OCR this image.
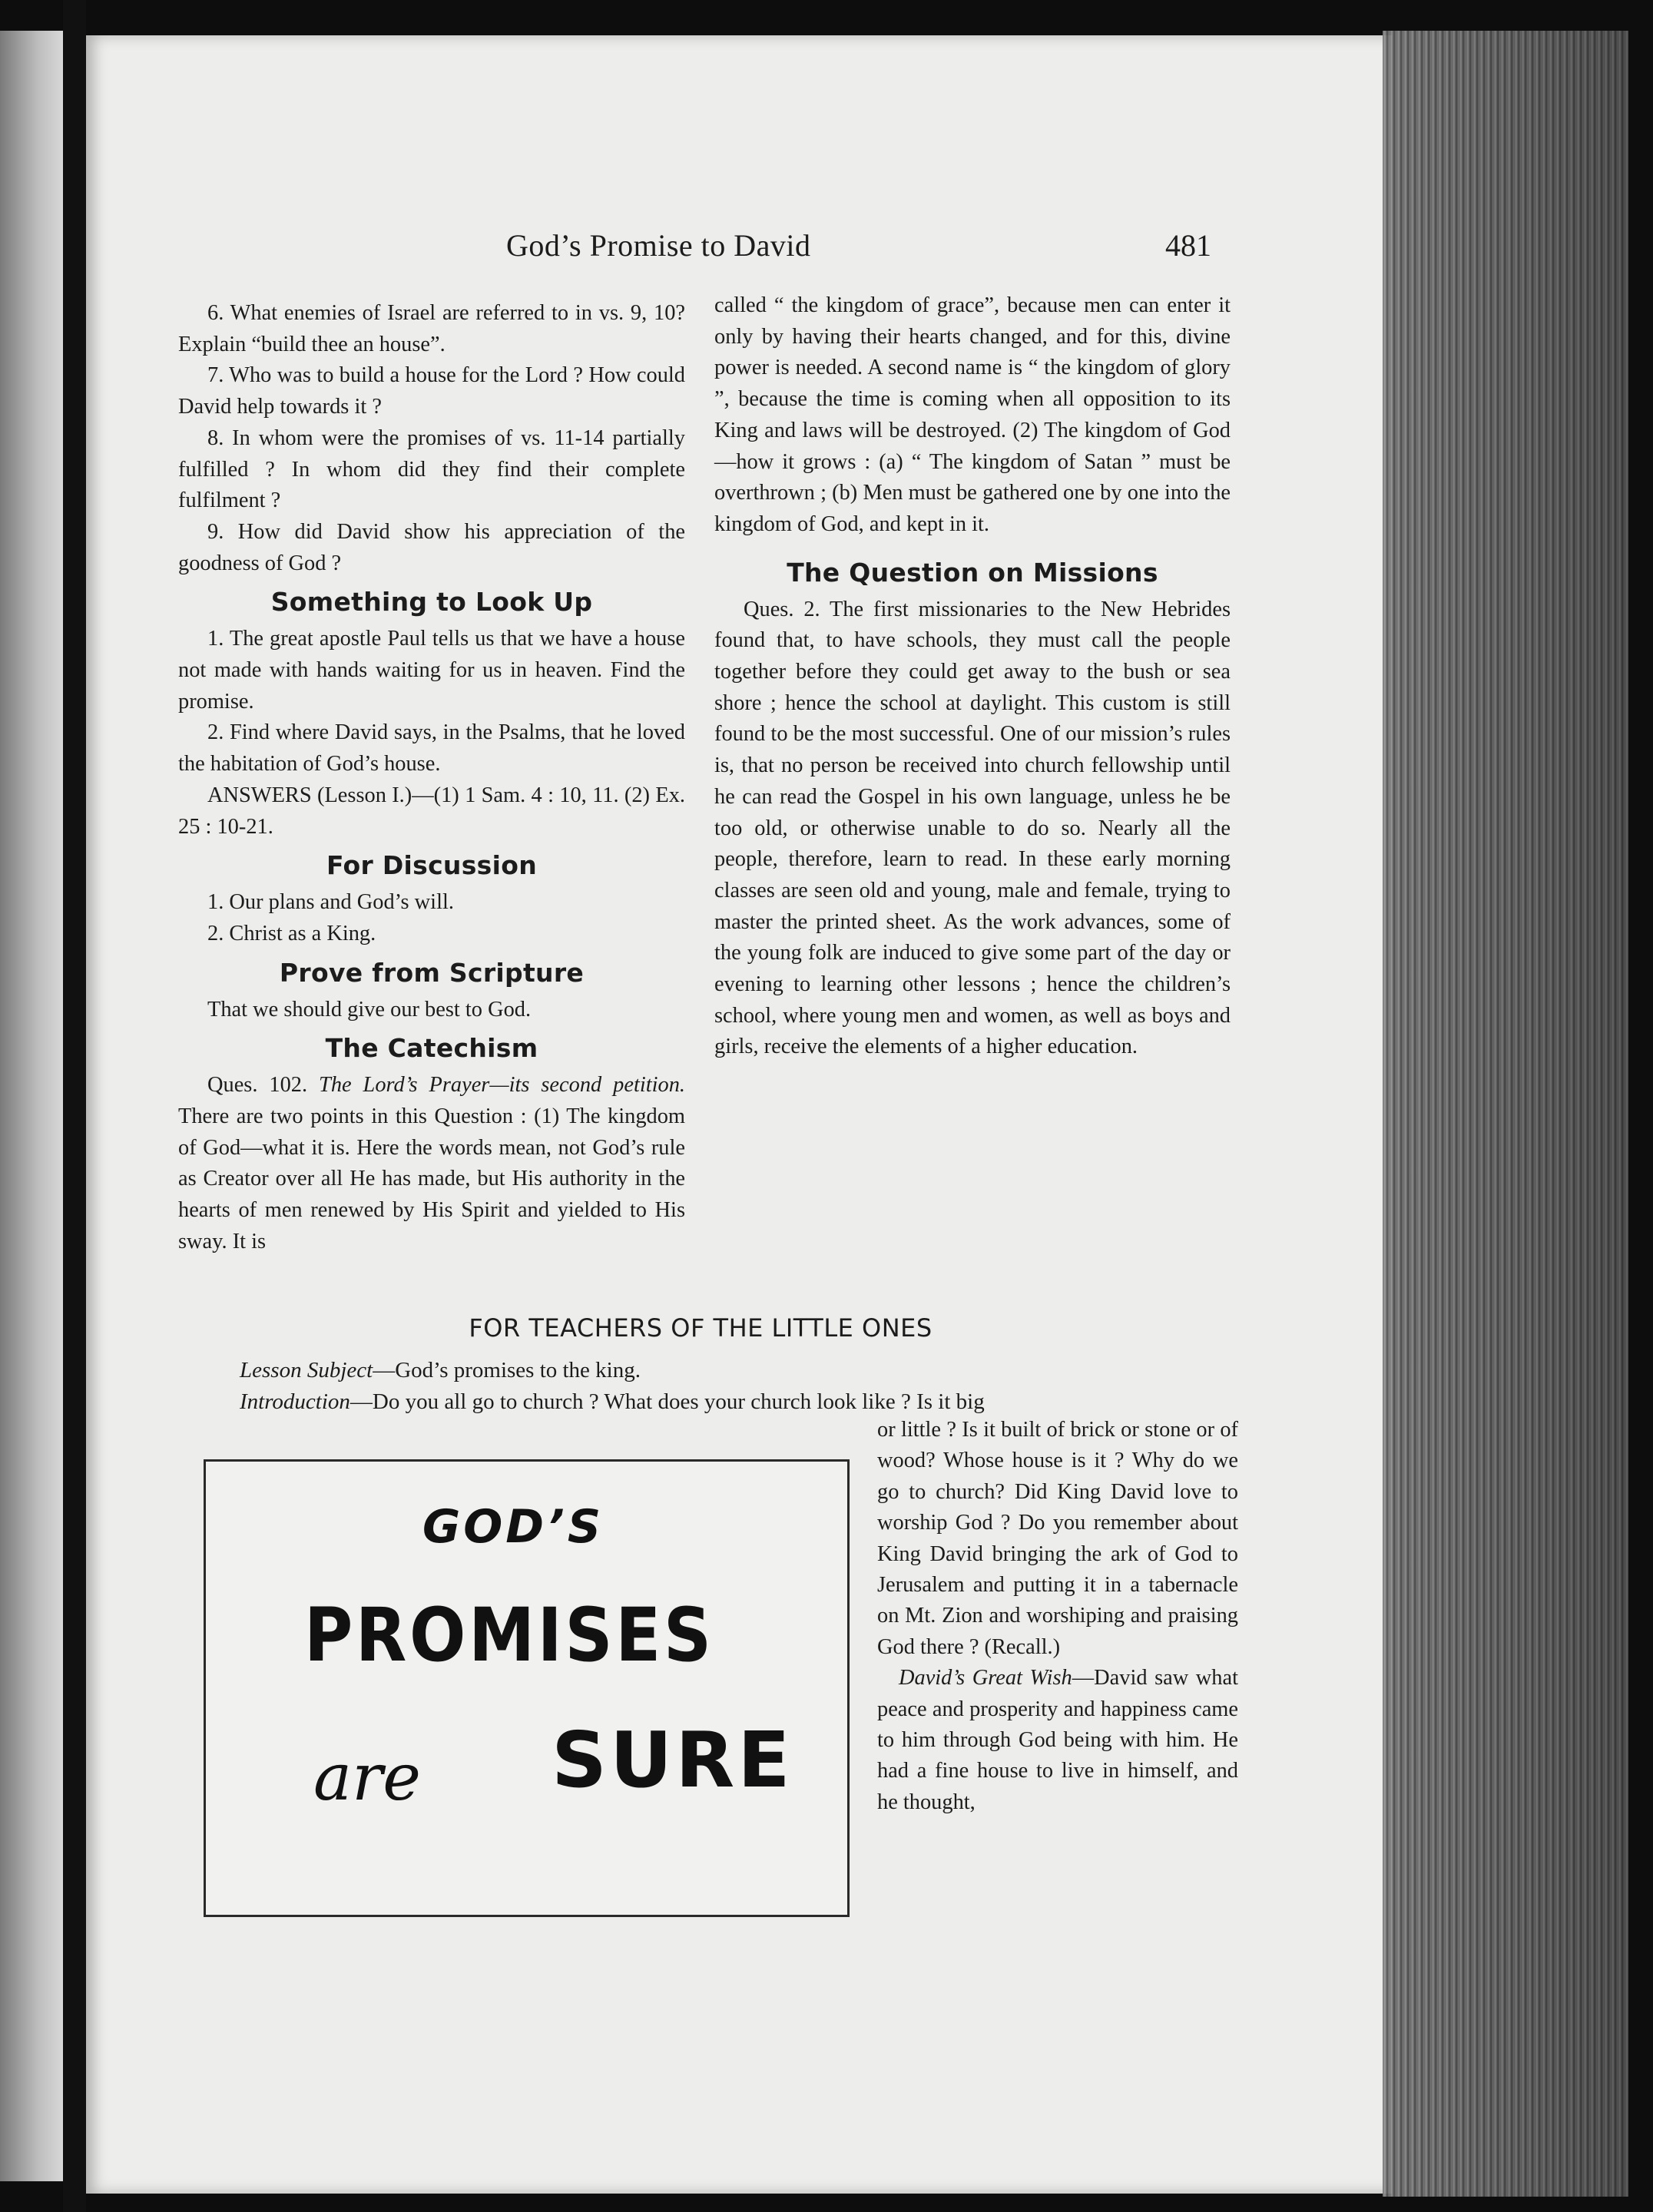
God’s Promise to David	481

6. What enemies of Israel are referred to in vs. 9, 10? Explain “build thee an house”.

7. Who was to build a house for the Lord ? How could David help towards it ?

8. In whom were the promises of vs. 11-14 partially fulfilled ? In whom did they find their complete fulfilment ?

9. How did David show his appreciation of the goodness of God ?

Something to Look Up

1. The great apostle Paul tells us that we have a house not made with hands waiting for us in heaven. Find the promise.

2. Find where David says, in the Psalms, that he loved the habitation of God’s house.

ANSWERS (Lesson I.)—(1) 1 Sam. 4 : 10, 11. (2) Ex. 25 : 10-21.

For Discussion

1. Our plans and God’s will.

2. Christ as a King.

Prove from Scripture

That we should give our best to God.

The Catechism

Ques. 102. The Lord’s Prayer—its second petition. There are two points in this Question : (1) The kingdom of God—what it is. Here the words mean, not God’s rule as Creator over all He has made, but His authority in the hearts of men renewed by His Spirit and yielded to His sway. It is

called “ the kingdom of grace”, because men can enter it only by having their hearts changed, and for this, divine power is needed. A second name is “ the kingdom of glory ”, because the time is coming when all opposition to its King and laws will be destroyed. (2) The kingdom of God—how it grows : (a) “ The kingdom of Satan ” must be overthrown ; (b) Men must be gathered one by one into the kingdom of God, and kept in it.

The Question on Missions

Ques. 2. The first missionaries to the New Hebrides found that, to have schools, they must call the people together before they could get away to the bush or sea shore ; hence the school at daylight. This custom is still found to be the most successful. One of our mission’s rules is, that no person be received into church fellowship until he can read the Gospel in his own language, unless he be too old, or otherwise unable to do so. Nearly all the people, therefore, learn to read. In these early morning classes are seen old and young, male and female, trying to master the printed sheet. As the work advances, some of the young folk are induced to give some part of the day or evening to learning other lessons ; hence the children’s school, where young men and women, as well as boys and girls, receive the elements of a higher education.

FOR TEACHERS OF THE LITTLE ONES
Lesson Subject—God’s promises to the king.
Introduction—Do you all go to church ? What does your church look like ? Is it big
GOD’S
PROMISES
are SURE

or little ? Is it built of brick or stone or of wood? Whose house is it ? Why do we go to church? Did King David love to worship God ? Do you remember about King David bringing the ark of God to Jerusalem and putting it in a tabernacle on Mt. Zion and worshiping and praising God there ? (Recall.)

David’s Great Wish—David saw what peace and prosperity and happiness came to him through God being with him. He had a fine house to live in himself, and he thought,
